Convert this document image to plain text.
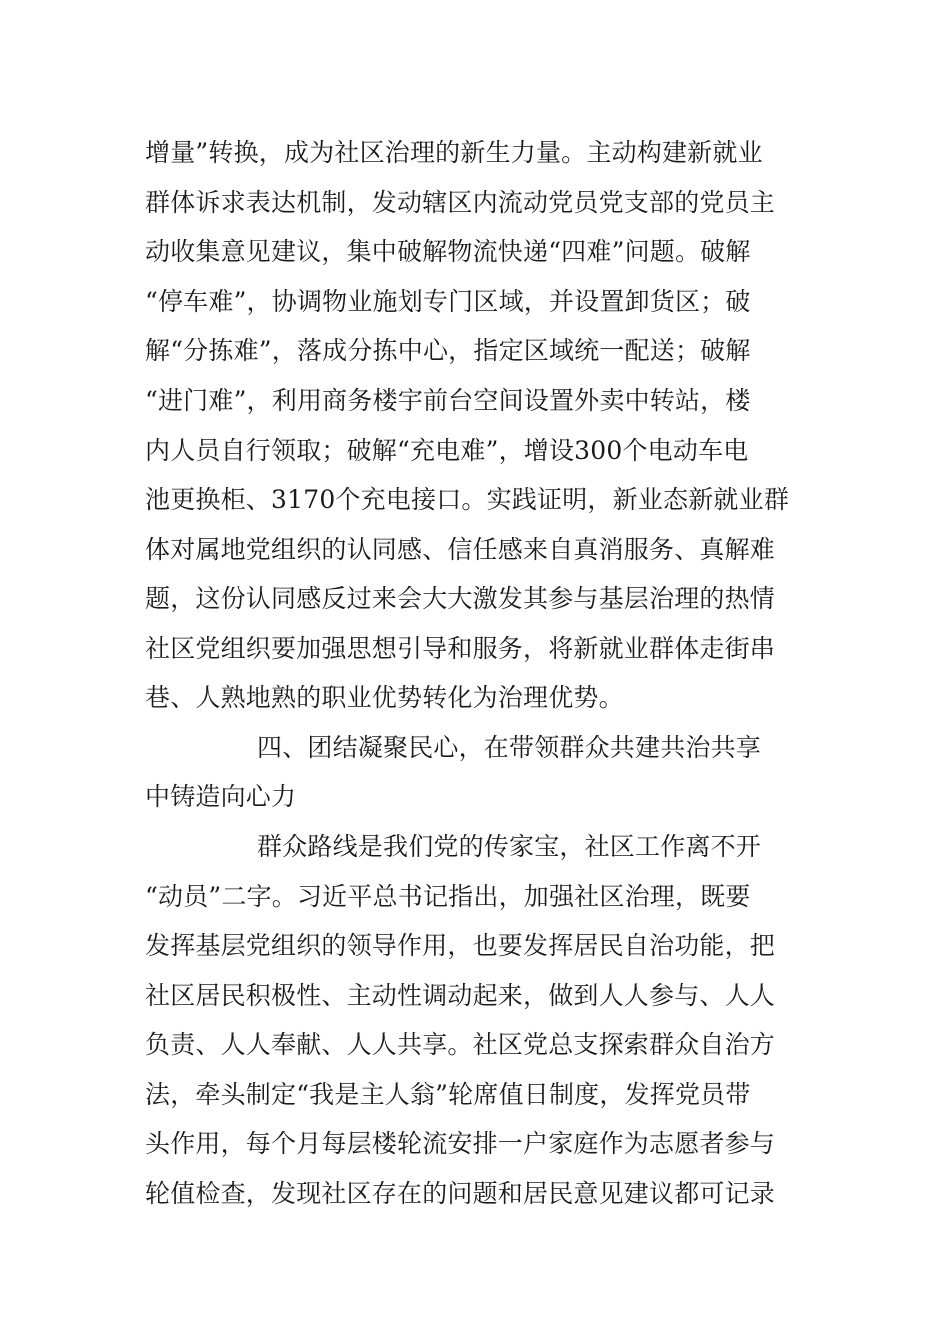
增量”转换，成为社区治理的新生力量。主动构建新就业
群体诉求表达机制，发动辖区内流动党员党支部的党员主
动收集意见建议，集中破解物流快递“四难”问题。破解
“停车难”，协调物业施划专门区域，并设置卸货区；破
解“分拣难”，落成分拣中心，指定区域统一配送；破解
“进门难”，利用商务楼宇前台空间设置外卖中转站，楼
内人员自行领取；破解“充电难”，增设300个电动车电
池更换柜、3170个充电接口。实践证明，新业态新就业群
体对属地党组织的认同感、信任感来自真消服务、真解难
题，这份认同感反过来会大大激发其参与基层治理的热情
社区党组织要加强思想引导和服务，将新就业群体走街串
巷、人熟地熟的职业优势转化为治理优势。
四、团结凝聚民心，在带领群众共建共治共享
中铸造向心力
群众路线是我们党的传家宝，社区工作离不开
“动员”二字。习近平总书记指出，加强社区治理，既要
发挥基层党组织的领导作用，也要发挥居民自治功能，把
社区居民积极性、主动性调动起来，做到人人参与、人人
负责、人人奉献、人人共享。社区党总支探索群众自治方
法，牵头制定“我是主人翁”轮席值日制度，发挥党员带
头作用，每个月每层楼轮流安排一户家庭作为志愿者参与
轮值检查，发现社区存在的问题和居民意见建议都可记录
